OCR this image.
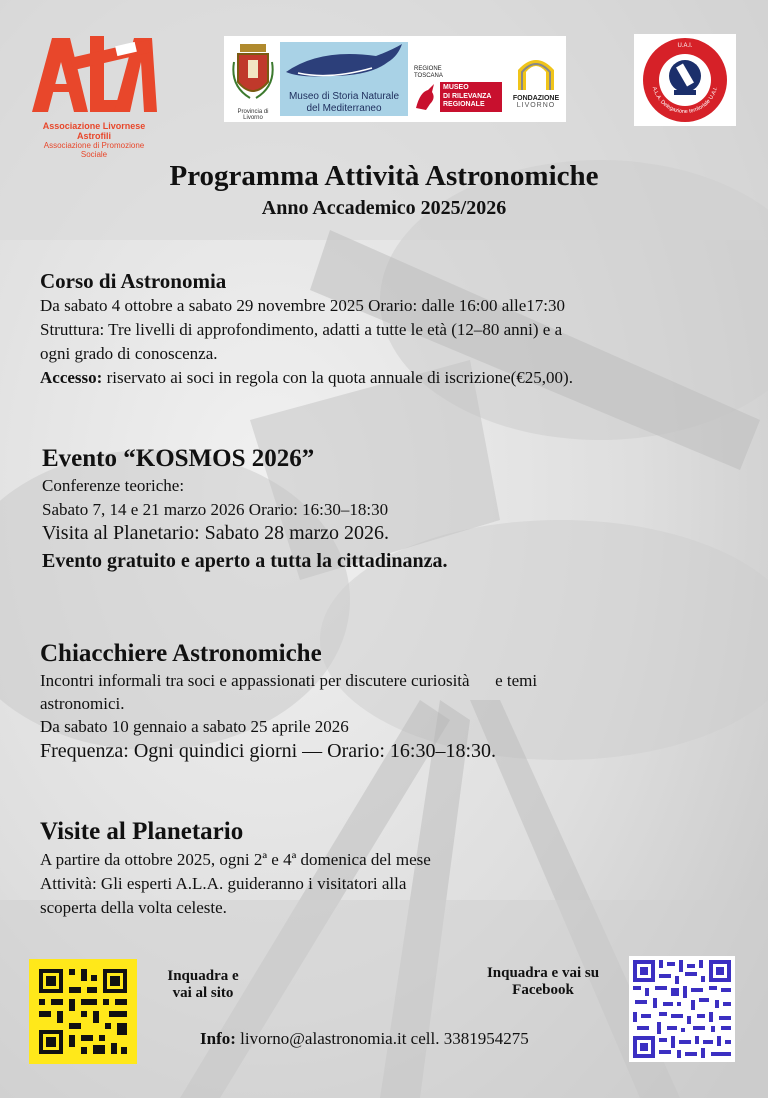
Associazione Livornese Astrofili
Associazione di Promozione Sociale
Provincia di Livorno
Museo di Storia Naturale
del Mediterraneo
REGIONE
TOSCANA
MUSEO
DI RILEVANZA
REGIONALE
FONDAZIONE
LIVORNO
U.A.I.
A.L.A. Delegazione territoriale U.A.I.
Programma Attività Astronomiche
Anno Accademico 2025/2026
Corso di Astronomia
Da sabato 4 ottobre a sabato 29 novembre 2025 Orario: dalle 16:00 alle17:30
Struttura: Tre livelli di approfondimento, adatti a tutte le età (12–80 anni) e a
ogni grado di conoscenza.
Accesso: riservato ai soci in regola con la quota annuale di iscrizione(€25,00).
Evento “KOSMOS 2026”
Conferenze teoriche:
Sabato 7, 14 e 21 marzo 2026 Orario: 16:30–18:30
Visita al Planetario: Sabato 28 marzo 2026.
Evento gratuito e aperto a tutta la cittadinanza.
Chiacchiere Astronomiche
Incontri informali tra soci e appassionati per discutere curiosità      e temi
astronomici.
Da sabato 10 gennaio a sabato 25 aprile 2026
Frequenza: Ogni quindici giorni — Orario: 16:30–18:30.
Visite al Planetario
A partire da ottobre 2025, ogni 2ª e 4ª domenica del mese
Attività: Gli esperti A.L.A. guideranno i visitatori alla
scoperta della volta celeste.
Inquadra e
vai al sito
Inquadra e vai su
Facebook
Info: livorno@alastronomia.it cell. 3381954275
